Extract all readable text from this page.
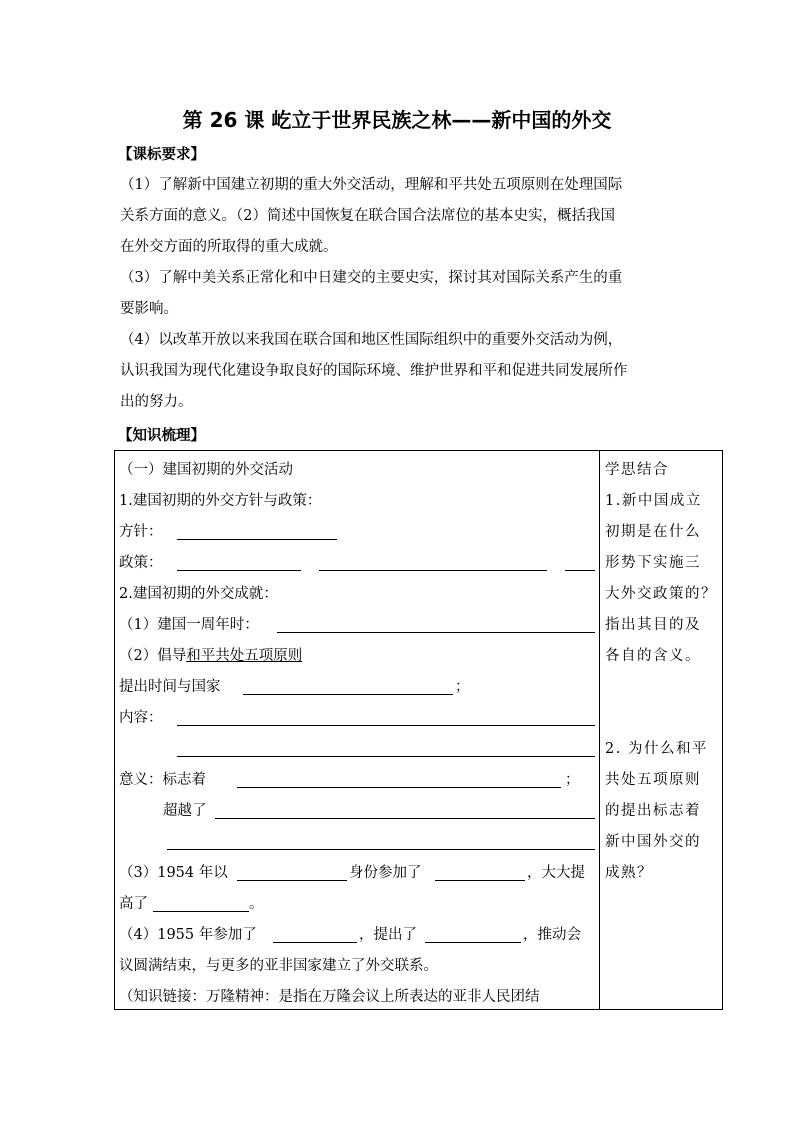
第 26 课 屹立于世界民族之林——新中国的外交
【课标要求】

（1）了解新中国建立初期的重大外交活动，理解和平共处五项原则在处理国际

关系方面的意义。（2）简述中国恢复在联合国合法席位的基本史实，概括我国

在外交方面的所取得的重大成就。

（3）了解中美关系正常化和中日建交的主要史实，探讨其对国际关系产生的重

要影响。

（4）以改革开放以来我国在联合国和地区性国际组织中的重要外交活动为例，

认识我国为现代化建设争取良好的国际环境、维护世界和平和促进共同发展所作

出的努力。

【知识梳理】
（一）建国初期的外交活动
1.建国初期的外交方针与政策：
方针：
政策：
2.建国初期的外交成就：
（1）建国一周年时：
（2）倡导和平共处五项原则
提出时间与国家	；
内容：
意义：标志着	；
超越了
（3）1954 年以	身份参加了	，大大提
高了	。
（4）1955 年参加了	，提出了	，推动会
议圆满结束，与更多的亚非国家建立了外交联系。
（知识链接：万隆精神：是指在万隆会议上所表达的亚非人民团结

学思结合

1.新中国成立

初期是在什么

形势下实施三

大外交政策的？

指出其目的及

各自的含义。

2. 为什么和平

共处五项原则

的提出标志着

新中国外交的

成熟？
